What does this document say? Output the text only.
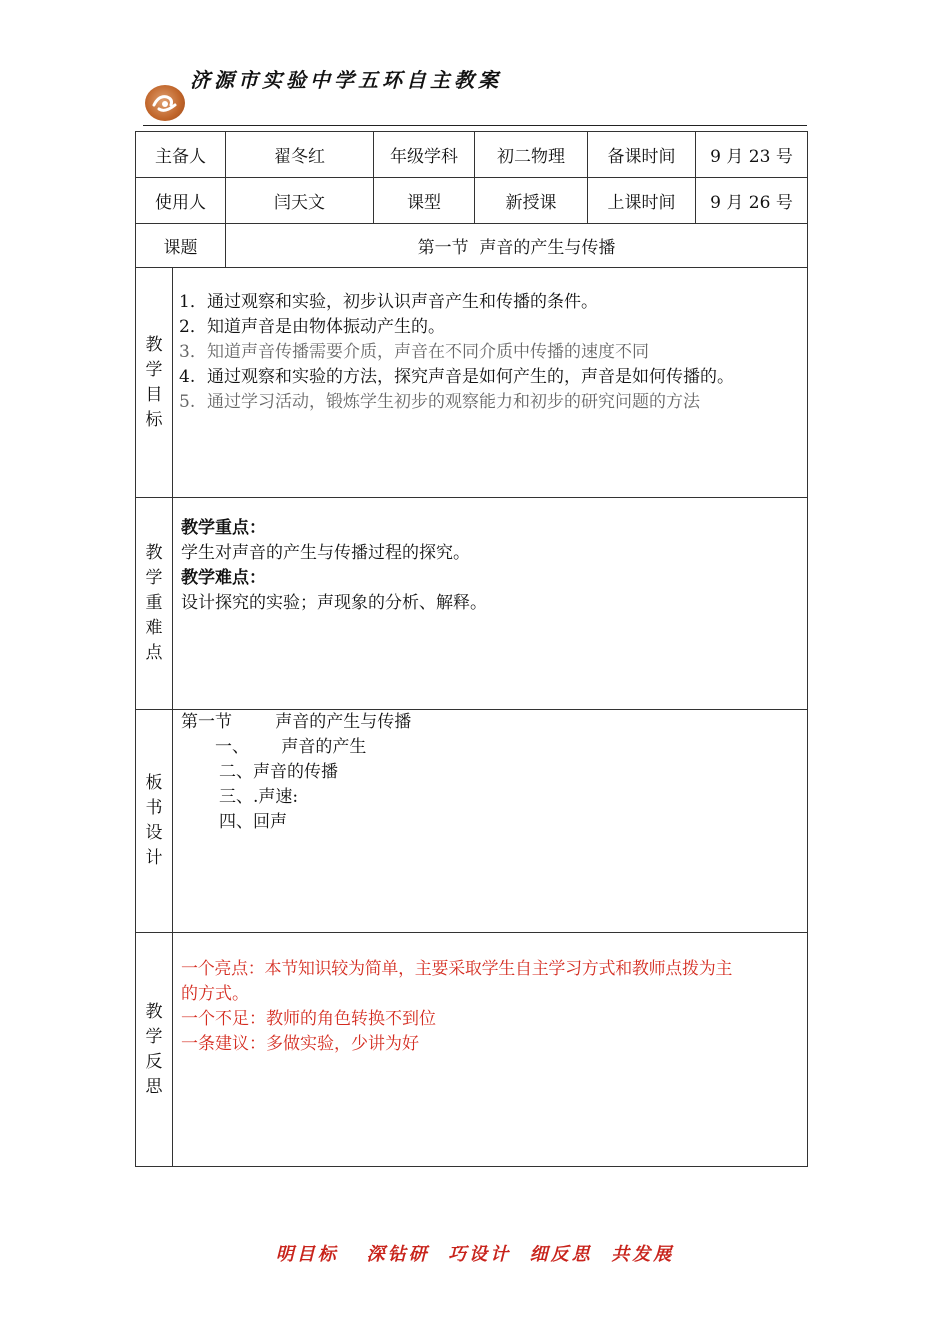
济源市实验中学五环自主教案
主备人		翟冬红	年级学科	初二物理	备课时间	9 月 23 号
使用人		闫天文	课型	新授课	上课时间	9 月 26 号
课题		第一节  声音的产生与传播				

教
学
目
标	1．通过观察和实验，初步认识声音产生和传播的条件。
2．知道声音是由物体振动产生的。
3．知道声音传播需要介质，声音在不同介质中传播的速度不同
4. 通过观察和实验的方法，探究声音是如何产生的，声音是如何传播的。
5. 通过学习活动，锻炼学生初步的观察能力和初步的研究问题的方法					

教
学
重
难
点	教学重点：
学生对声音的产生与传播过程的探究。
教学难点：
设计探究的实验；声现象的分析、解释。					

板
书
设
计	第一节        声音的产生与传播
一、      声音的产生
二、声音的传播
三、.声速:
四、回声					

教
学
反
思	一个亮点：本节知识较为简单，主要采取学生自主学习方式和教师点拨为主
的方式。
一个不足：教师的角色转换不到位
一条建议：多做实验，少讲为好					
明目标   深钻研  巧设计  细反思  共发展
